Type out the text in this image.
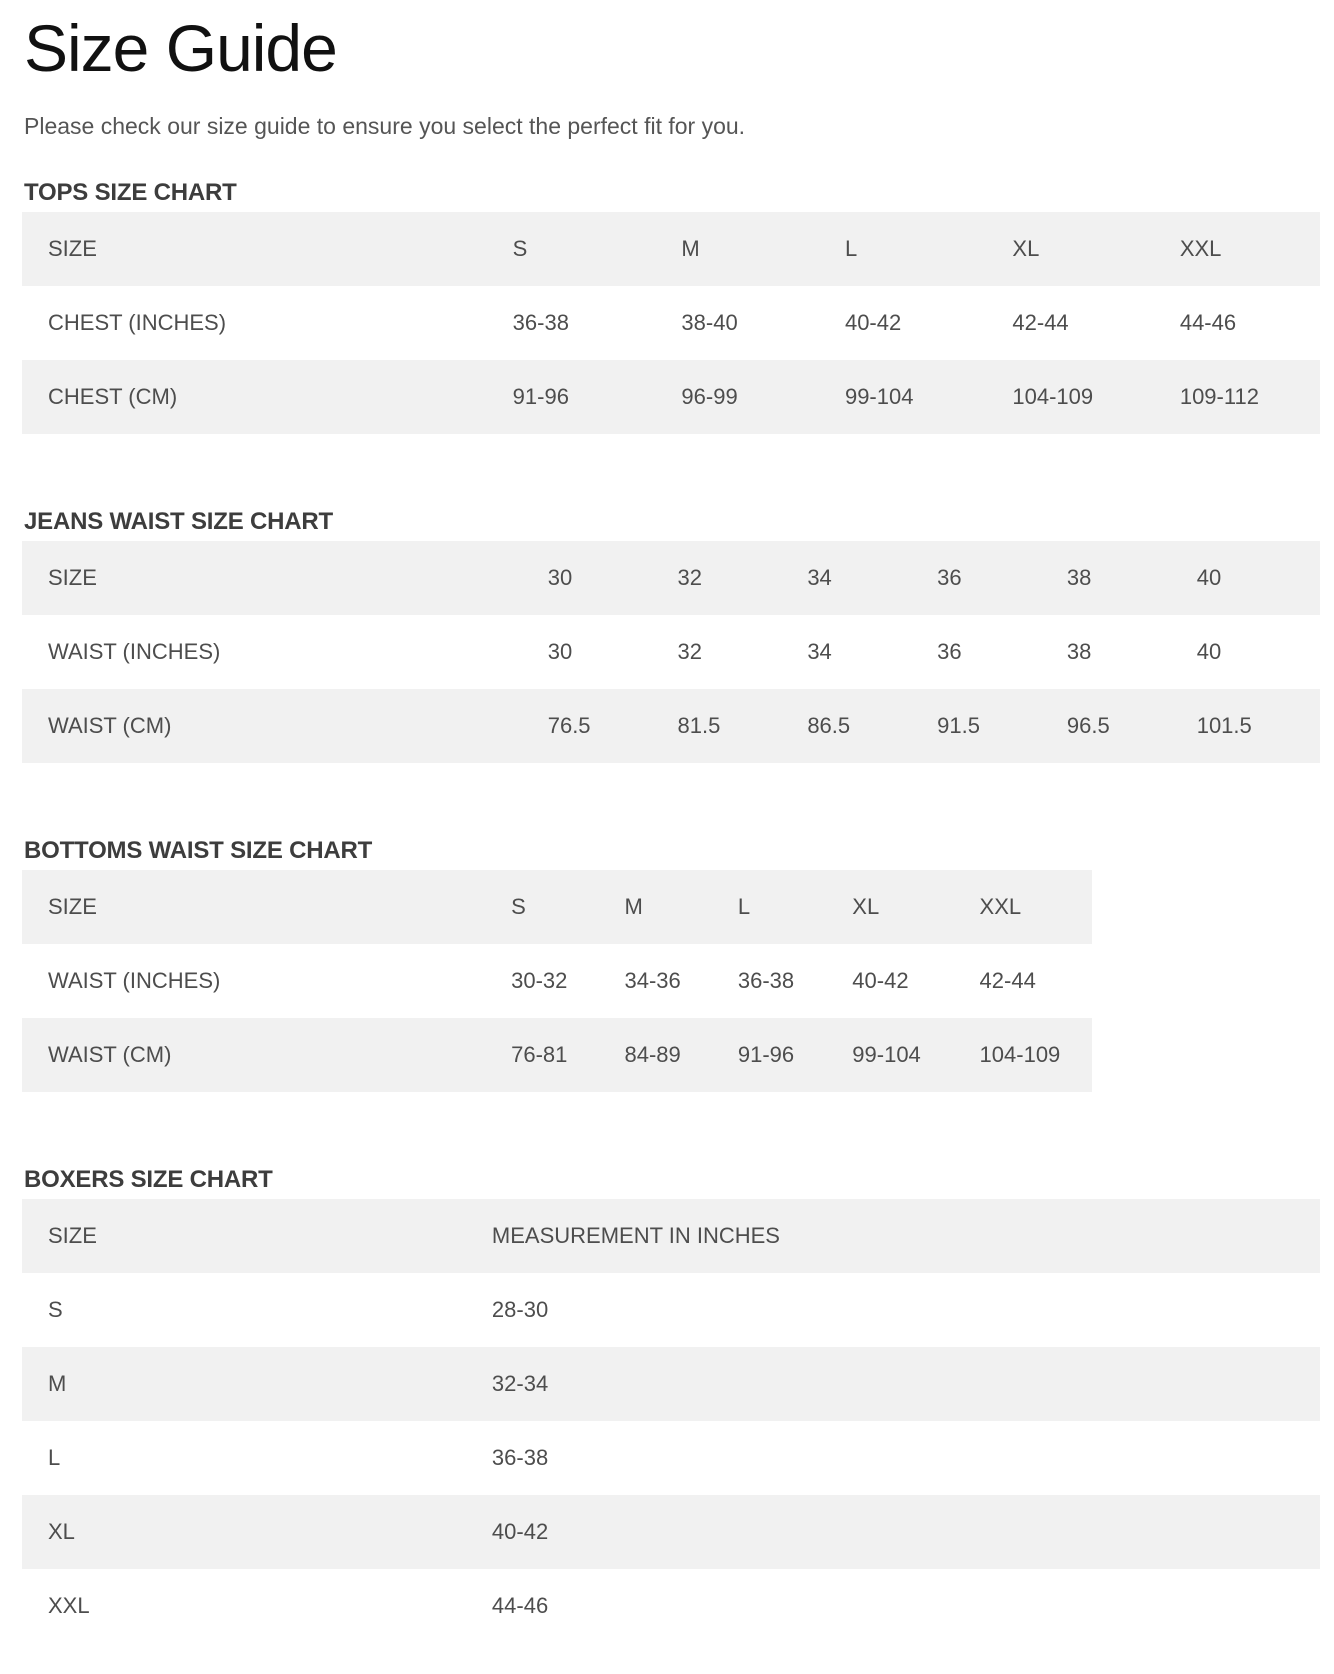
Size Guide

Please check our size guide to ensure you select the perfect fit for you.

TOPS SIZE CHART
SIZE	S	M	L	XL	XXL
CHEST (INCHES)	36-38	38-40	40-42	42-44	44-46
CHEST (CM)	91-96	96-99	99-104	104-109	109-112
JEANS WAIST SIZE CHART
SIZE	30	32	34	36	38	40
WAIST (INCHES)	30	32	34	36	38	40
WAIST (CM)	76.5	81.5	86.5	91.5	96.5	101.5
BOTTOMS WAIST SIZE CHART
SIZE	S	M	L	XL	XXL
WAIST (INCHES)	30-32	34-36	36-38	40-42	42-44
WAIST (CM)	76-81	84-89	91-96	99-104	104-109
BOXERS SIZE CHART
SIZE	MEASUREMENT IN INCHES
S	28-30
M	32-34
L	36-38
XL	40-42
XXL	44-46
